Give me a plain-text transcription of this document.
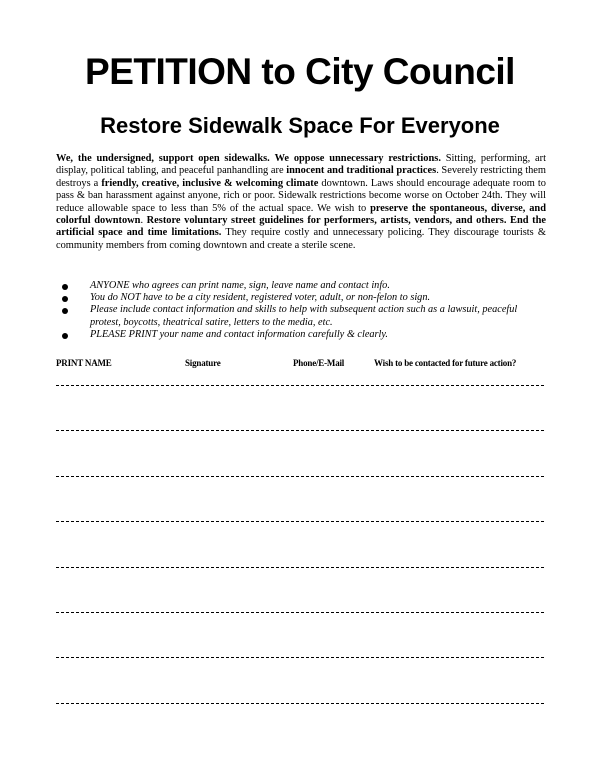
PETITION to City Council
Restore Sidewalk Space For Everyone
We, the undersigned, support open sidewalks. We oppose unnecessary restrictions. Sitting, performing, art display, political tabling, and peaceful panhandling are innocent and traditional practices. Severely restricting them destroys a friendly, creative, inclusive & welcoming climate downtown. Laws should encourage adequate room to pass & ban harassment against anyone, rich or poor. Sidewalk restrictions become worse on October 24th. They will reduce allowable space to less than 5% of the actual space. We wish to preserve the spontaneous, diverse, and colorful downtown. Restore voluntary street guidelines for performers, artists, vendors, and others. End the artificial space and time limitations. They require costly and unnecessary policing. They discourage tourists & community members from coming downtown and create a sterile scene.
ANYONE who agrees can print name, sign, leave name and contact info.
You do NOT have to be a city resident, registered voter, adult, or non-felon to sign.
Please include contact information and skills to help with subsequent action such as a lawsuit, peaceful protest, boycotts, theatrical satire, letters to the media, etc.
PLEASE PRINT your name and contact information carefully & clearly.
PRINT NAME	Signature	Phone/E-Mail	Wish to be contacted for future action?
